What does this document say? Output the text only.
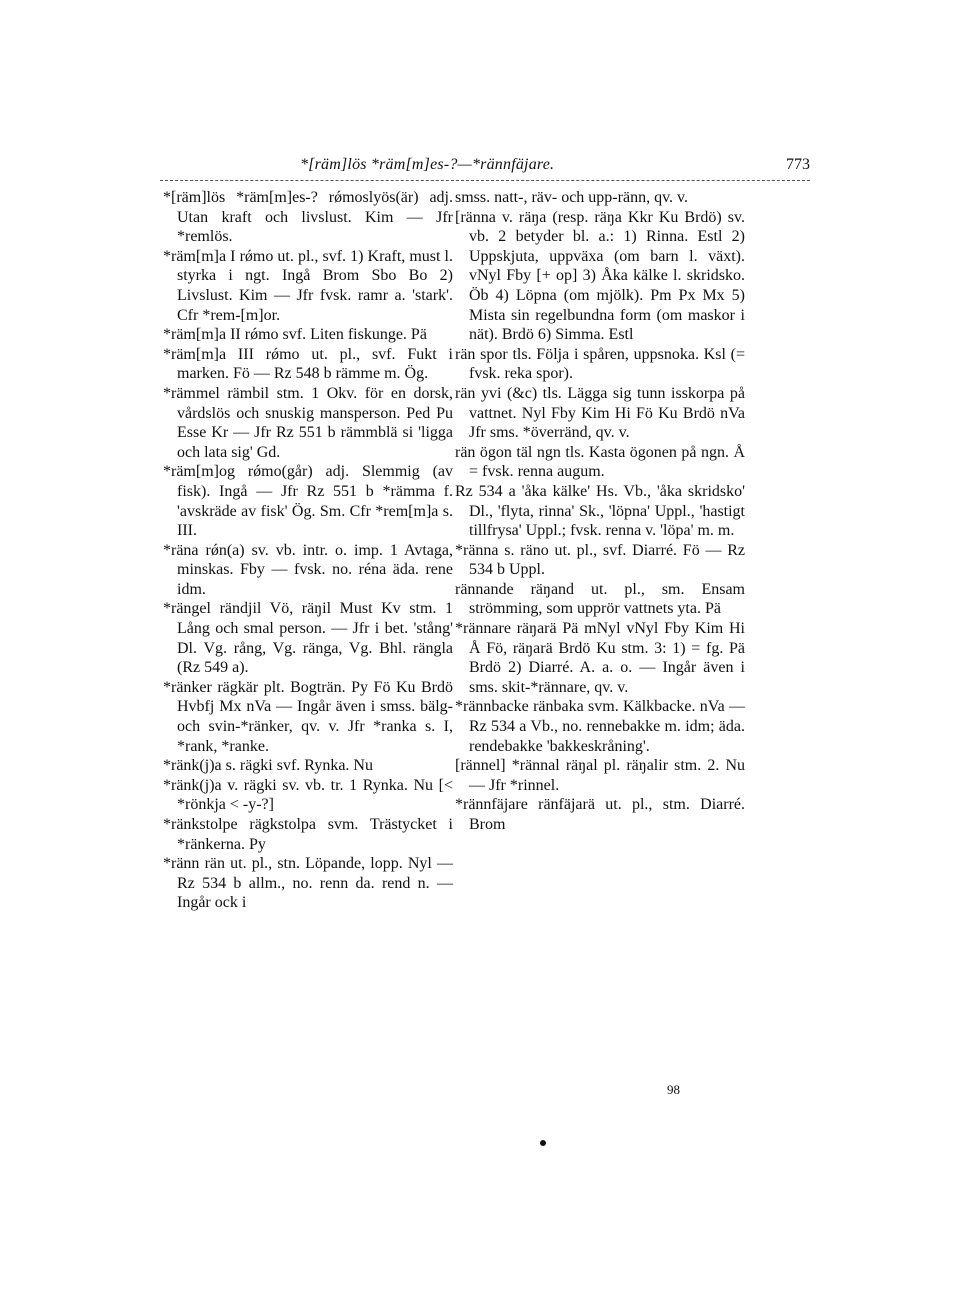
*[räm]lös *räm[m]es-?—*rännfäjare.	773

*[räm]lös *räm[m]es-? rǿmoslyös(är) adj. Utan kraft och livslust. Kim — Jfr *remlös.

*räm[m]a I rǿmo ut. pl., svf. 1) Kraft, must l. styrka i ngt. Ingå Brom Sbo Bo 2) Livslust. Kim — Jfr fvsk. ramr a. 'stark'. Cfr *rem-[m]or.

*räm[m]a II rǿmo svf. Liten fiskunge. Pä

*räm[m]a III rǿmo ut. pl., svf. Fukt i marken. Fö — Rz 548 b rämme m. Ög.

*rämmel rämbil stm. 1 Okv. för en dorsk, vårdslös och snuskig mansperson. Ped Pu Esse Kr — Jfr Rz 551 b rämmblä si 'ligga och lata sig' Gd.

*räm[m]og rǿmo(går) adj. Slemmig (av fisk). Ingå — Jfr Rz 551 b *rämma f. 'avskräde av fisk' Ög. Sm. Cfr *rem[m]a s. III.

*räna rǿn(a) sv. vb. intr. o. imp. 1 Avtaga, minskas. Fby — fvsk. no. réna äda. rene idm.

*rängel rändjil Vö, räŋil Must Kv stm. 1 Lång och smal person. — Jfr i bet. 'stång' Dl. Vg. rång, Vg. ränga, Vg. Bhl. rängla (Rz 549 a).

*ränker rägkär plt. Bogträn. Py Fö Ku Brdö Hvbfj Mx nVa — Ingår även i smss. bälg- och svin-*ränker, qv. v. Jfr *ranka s. I, *rank, *ranke.

*ränk(j)a s. rägki svf. Rynka. Nu

*ränk(j)a v. rägki sv. vb. tr. 1 Rynka. Nu [< *rönkja < -y-?]

*ränkstolpe rägkstolpa svm. Trästycket i *ränkerna. Py

*ränn rän ut. pl., stn. Löpande, lopp. Nyl — Rz 534 b allm., no. renn da. rend n. — Ingår ock i

smss. natt-, räv- och upp-ränn, qv. v.

[ränna v. räŋa (resp. räŋa Kkr Ku Brdö) sv. vb. 2 betyder bl. a.: 1) Rinna. Estl 2) Uppskjuta, uppväxa (om barn l. växt). vNyl Fby [+ op] 3) Åka kälke l. skridsko. Öb 4) Löpna (om mjölk). Pm Px Mx 5) Mista sin regelbundna form (om maskor i nät). Brdö 6) Simma. Estl

rän spor tls. Följa i spåren, uppsnoka. Ksl (= fvsk. reka spor).

rän yvi (&c) tls. Lägga sig tunn isskorpa på vattnet. Nyl Fby Kim Hi Fö Ku Brdö nVa Jfr sms. *överränd, qv. v.

rän ögon täl ngn tls. Kasta ögonen på ngn. Å = fvsk. renna augum.

Rz 534 a 'åka kälke' Hs. Vb., 'åka skridsko' Dl., 'flyta, rinna' Sk., 'löpna' Uppl., 'hastigt tillfrysa' Uppl.; fvsk. renna v. 'löpa' m. m.

*ränna s. räno ut. pl., svf. Diarré. Fö — Rz 534 b Uppl.

rännande räŋand ut. pl., sm. Ensam strömming, som upprör vattnets yta. Pä

*rännare räŋarä Pä mNyl vNyl Fby Kim Hi Å Fö, räŋarä Brdö Ku stm. 3: 1) = fg. Pä Brdö 2) Diarré. A. a. o. — Ingår även i sms. skit-*rännare, qv. v.

*rännbacke ränbaka svm. Kälkbacke. nVa — Rz 534 a Vb., no. rennebakke m. idm; äda. rendebakke 'bakkeskråning'.

[rännel] *rännal räŋal pl. räŋalir stm. 2. Nu — Jfr *rinnel.

*rännfäjare ränfäjarä ut. pl., stm. Diarré. Brom

98
